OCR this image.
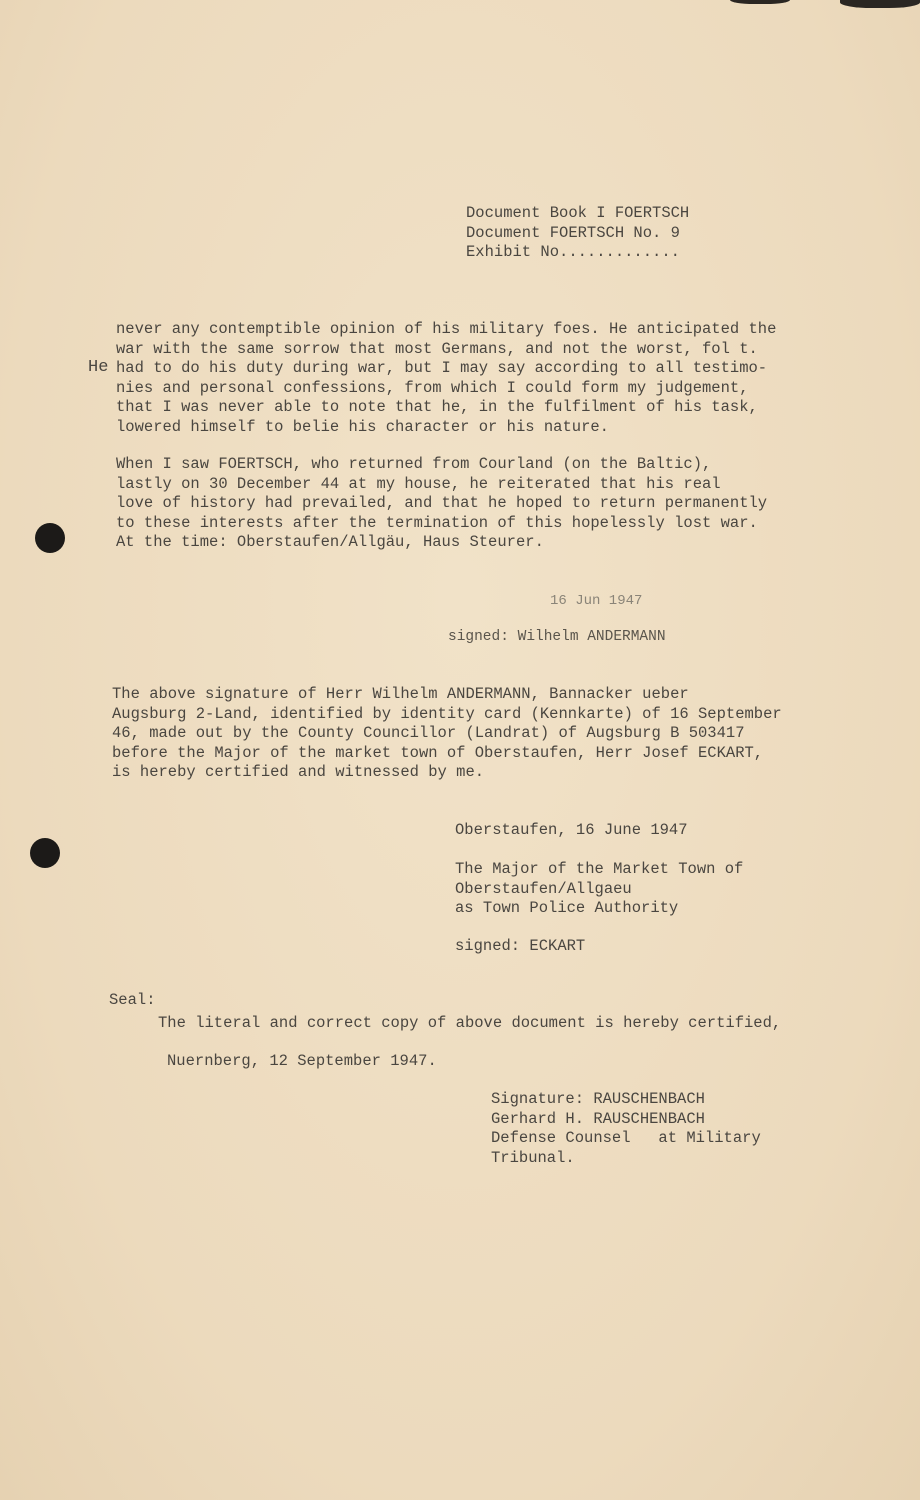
Document Book I FOERTSCH
Document FOERTSCH No. 9
Exhibit No.............
He
never any contemptible opinion of his military foes. He anticipated the
war with the same sorrow that most Germans, and not the worst, fol t.
had to do his duty during war, but I may say according to all testimo-
nies and personal confessions, from which I could form my judgement,
that I was never able to note that he, in the fulfilment of his task,
lowered himself to belie his character or his nature.
When I saw FOERTSCH, who returned from Courland (on the Baltic),
lastly on 30 December 44 at my house, he reiterated that his real
love of history had prevailed, and that he hoped to return permanently
to these interests after the termination of this hopelessly lost war.
At the time: Oberstaufen/Allgäu, Haus Steurer.
16 Jun 1947
signed: Wilhelm ANDERMANN
The above signature of Herr Wilhelm ANDERMANN, Bannacker ueber
Augsburg 2-Land, identified by identity card (Kennkarte) of 16 September
46, made out by the County Councillor (Landrat) of Augsburg B 503417
before the Major of the market town of Oberstaufen, Herr Josef ECKART,
is hereby certified and witnessed by me.
Oberstaufen, 16 June 1947
The Major of the Market Town of
Oberstaufen/Allgaeu
as Town Police Authority
signed: ECKART
Seal:
The literal and correct copy of above document is hereby certified,
Nuernberg, 12 September 1947.
Signature: RAUSCHENBACH
Gerhard H. RAUSCHENBACH
Defense Counsel   at Military
Tribunal.
